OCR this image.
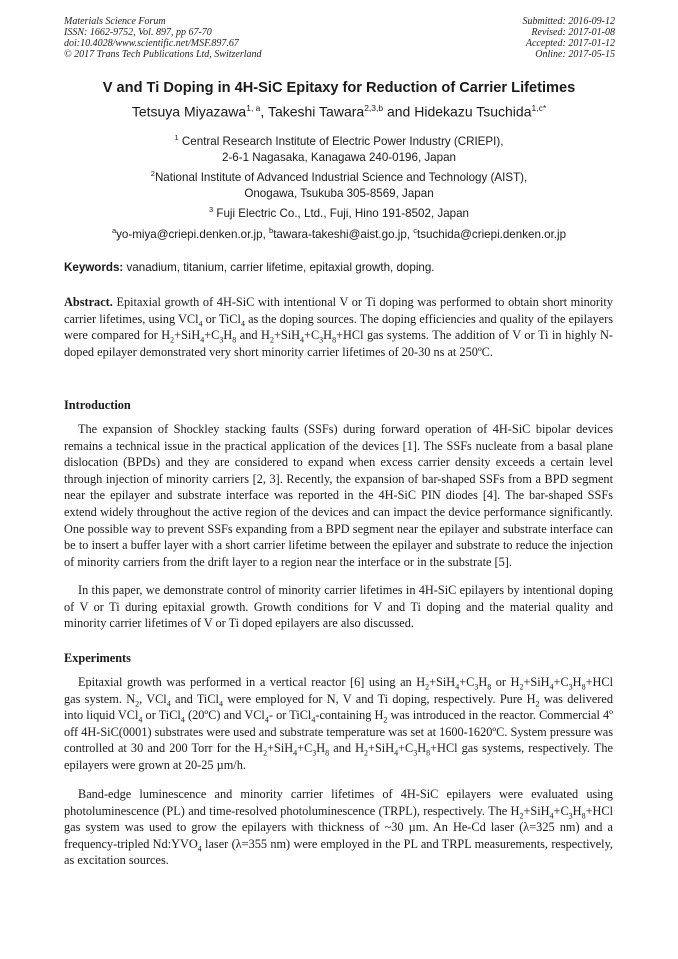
Materials Science Forum
ISSN: 1662-9752, Vol. 897, pp 67-70
doi:10.4028/www.scientific.net/MSF.897.67
© 2017 Trans Tech Publications Ltd, Switzerland
Submitted: 2016-09-12
Revised: 2017-01-08
Accepted: 2017-01-12
Online: 2017-05-15
V and Ti Doping in 4H-SiC Epitaxy for Reduction of Carrier Lifetimes
Tetsuya Miyazawa$^{1, a}$, Takeshi Tawara$^{2,3,b}$ and Hidekazu Tsuchida$^{1,c*}$
$^1$ Central Research Institute of Electric Power Industry (CRIEPI),
2-6-1 Nagasaka, Kanagawa 240-0196, Japan
$^2$National Institute of Advanced Industrial Science and Technology (AIST),
Onogawa, Tsukuba 305-8569, Japan
$^3$ Fuji Electric Co., Ltd., Fuji, Hino 191-8502, Japan
$^a$yo-miya@criepi.denken.or.jp, $^b$tawara-takeshi@aist.go.jp, $^c$tsuchida@criepi.denken.or.jp
Keywords: vanadium, titanium, carrier lifetime, epitaxial growth, doping.
Abstract. Epitaxial growth of 4H-SiC with intentional V or Ti doping was performed to obtain short minority carrier lifetimes, using VCl$_4$ or TiCl$_4$ as the doping sources. The doping efficiencies and quality of the epilayers were compared for $H_2+SiH_4+C_3H_8$ and $H_2+SiH_4+C_3H_8+HCl$ gas systems. The addition of V or Ti in highly N-doped epilayer demonstrated very short minority carrier lifetimes of 20-30 ns at 250ºC.
Introduction
The expansion of Shockley stacking faults (SSFs) during forward operation of 4H-SiC bipolar devices remains a technical issue in the practical application of the devices [1]. The SSFs nucleate from a basal plane dislocation (BPDs) and they are considered to expand when excess carrier density exceeds a certain level through injection of minority carriers [2, 3]. Recently, the expansion of bar-shaped SSFs from a BPD segment near the epilayer and substrate interface was reported in the 4H-SiC PIN diodes [4]. The bar-shaped SSFs extend widely throughout the active region of the devices and can impact the device performance significantly. One possible way to prevent SSFs expanding from a BPD segment near the epilayer and substrate interface can be to insert a buffer layer with a short carrier lifetime between the epilayer and substrate to reduce the injection of minority carriers from the drift layer to a region near the interface or in the substrate [5].
In this paper, we demonstrate control of minority carrier lifetimes in 4H-SiC epilayers by intentional doping of V or Ti during epitaxial growth. Growth conditions for V and Ti doping and the material quality and minority carrier lifetimes of V or Ti doped epilayers are also discussed.
Experiments
Epitaxial growth was performed in a vertical reactor [6] using an $H_2+SiH_4+C_3H_8$ or $H_2+SiH_4+C_3H_8+HCl$ gas system. $N_2$, VCl$_4$ and TiCl$_4$ were employed for N, V and Ti doping, respectively. Pure $H_2$ was delivered into liquid VCl$_4$ or TiCl$_4$ (20ºC) and VCl$_4$- or TiCl$_4$-containing $H_2$ was introduced in the reactor. Commercial 4º off 4H-SiC(0001) substrates were used and substrate temperature was set at 1600-1620ºC. System pressure was controlled at 30 and 200 Torr for the $H_2+SiH_4+C_3H_8$ and $H_2+SiH_4+C_3H_8+HCl$ gas systems, respectively. The epilayers were grown at 20-25 µm/h.
Band-edge luminescence and minority carrier lifetimes of 4H-SiC epilayers were evaluated using photoluminescence (PL) and time-resolved photoluminescence (TRPL), respectively. The $H_2+SiH_4+C_3H_8+HCl$ gas system was used to grow the epilayers with thickness of ~30 µm. An He-Cd laser (λ=325 nm) and a frequency-tripled $Nd:YVO_4$ laser (λ=355 nm) were employed in the PL and TRPL measurements, respectively, as excitation sources.
